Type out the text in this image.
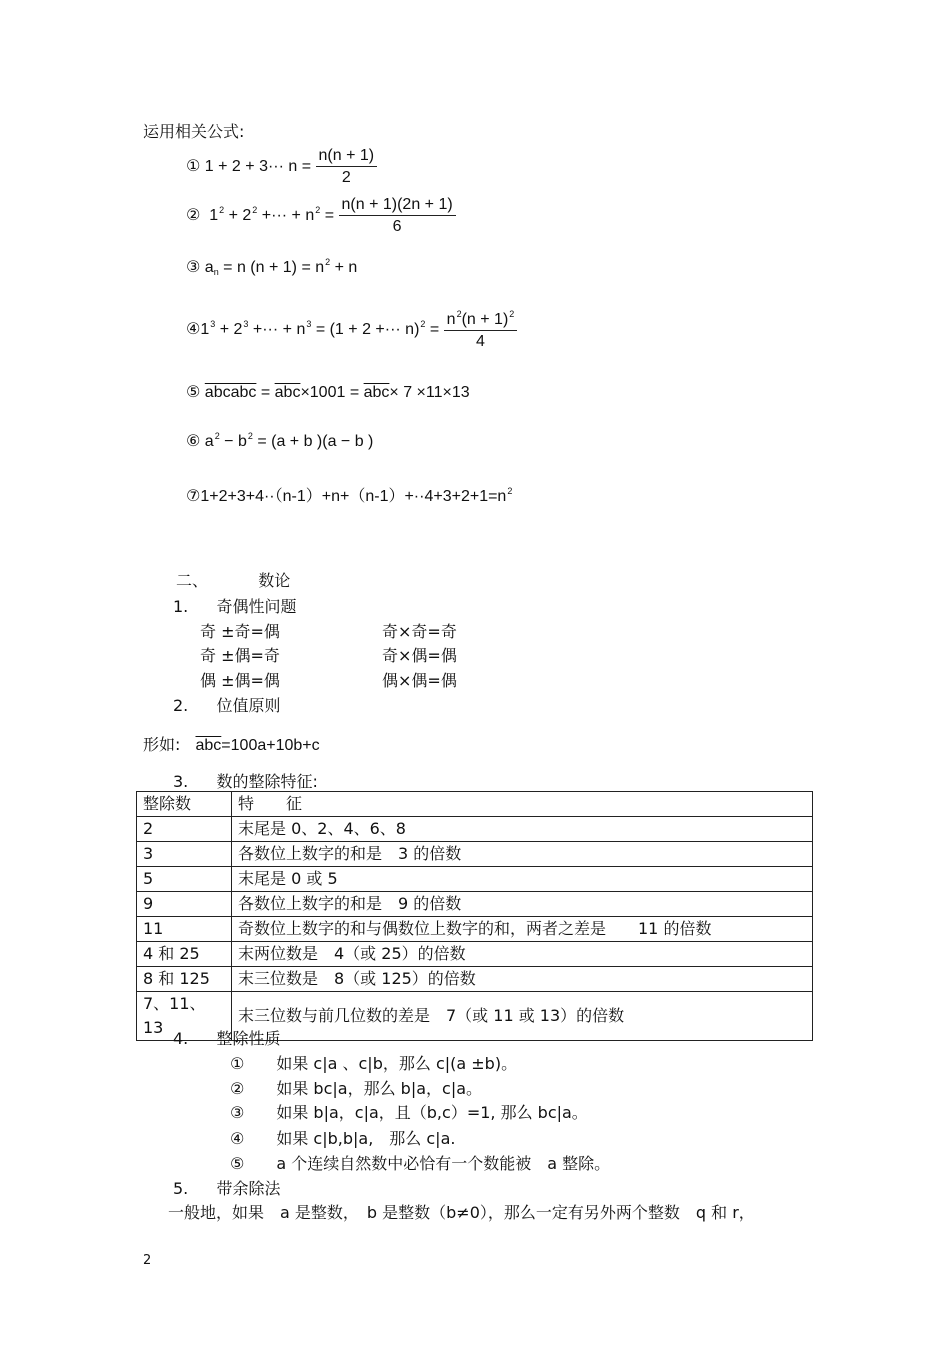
运用相关公式:
① $1 + 2 + 3\cdot\cdot\cdot n = \frac{n(n + 1)}{2}$
② $1^2 + 2^2$ +··· + $n^2 = \frac{n(n + 1)(2n + 1)}{6}$
③ $a_n = n$ $(n + 1) = n^2 + n$
$④1^3 + 2^3$ +··· + $n^3 = (1 + 2$ +··· $n)^2 = \frac{n^2(n + 1)^2}{4}$
⑤ abcabc = $\overline{abc}\times 1001 = \overline{abc}\times 7 \times 11\times 13$
⑥ $a^2 - b^2 = (a + b$ )(a − b )
$⑦1+2+3+4\cdot\cdot(n-1)+n+(n-1)+\cdot\cdot 4+3+2+1=n^2$
二、	数论
1. 奇偶性问题
奇 ±奇=偶	奇×奇=奇
奇 ±偶=奇	奇×偶=偶
偶 ±偶=偶	偶×偶=偶
2. 位值原则
形如: $\overline{abc}=100a+10b+c$
3. 数的整除特征:
整除数	特　　征
2	末尾是 0、2、4、6、8
3	各数位上数字的和是　3 的倍数
5	末尾是 0 或 5
9	各数位上数字的和是　9 的倍数
11	奇数位上数字的和与偶数位上数字的和，两者之差是　　11 的倍数
4 和 25	末两位数是　4（或 25）的倍数
8 和 125	末三位数是　8（或 125）的倍数
7、11、13	末三位数与前几位数的差是　7（或 11 或 13）的倍数
4. 整除性质
① 如果 c|a 、c|b，那么 c|(a ±b)。
② 如果 bc|a，那么 b|a，c|a。
③ 如果 b|a，c|a，且（b,c）=1, 那么 bc|a。
④ 如果 c|b,b|a,　那么 c|a.
⑤ a 个连续自然数中必恰有一个数能被　a 整除。
5. 带余除法
一般地，如果　a 是整数，　b 是整数（b≠0），那么一定有另外两个整数　q 和 r，
2
